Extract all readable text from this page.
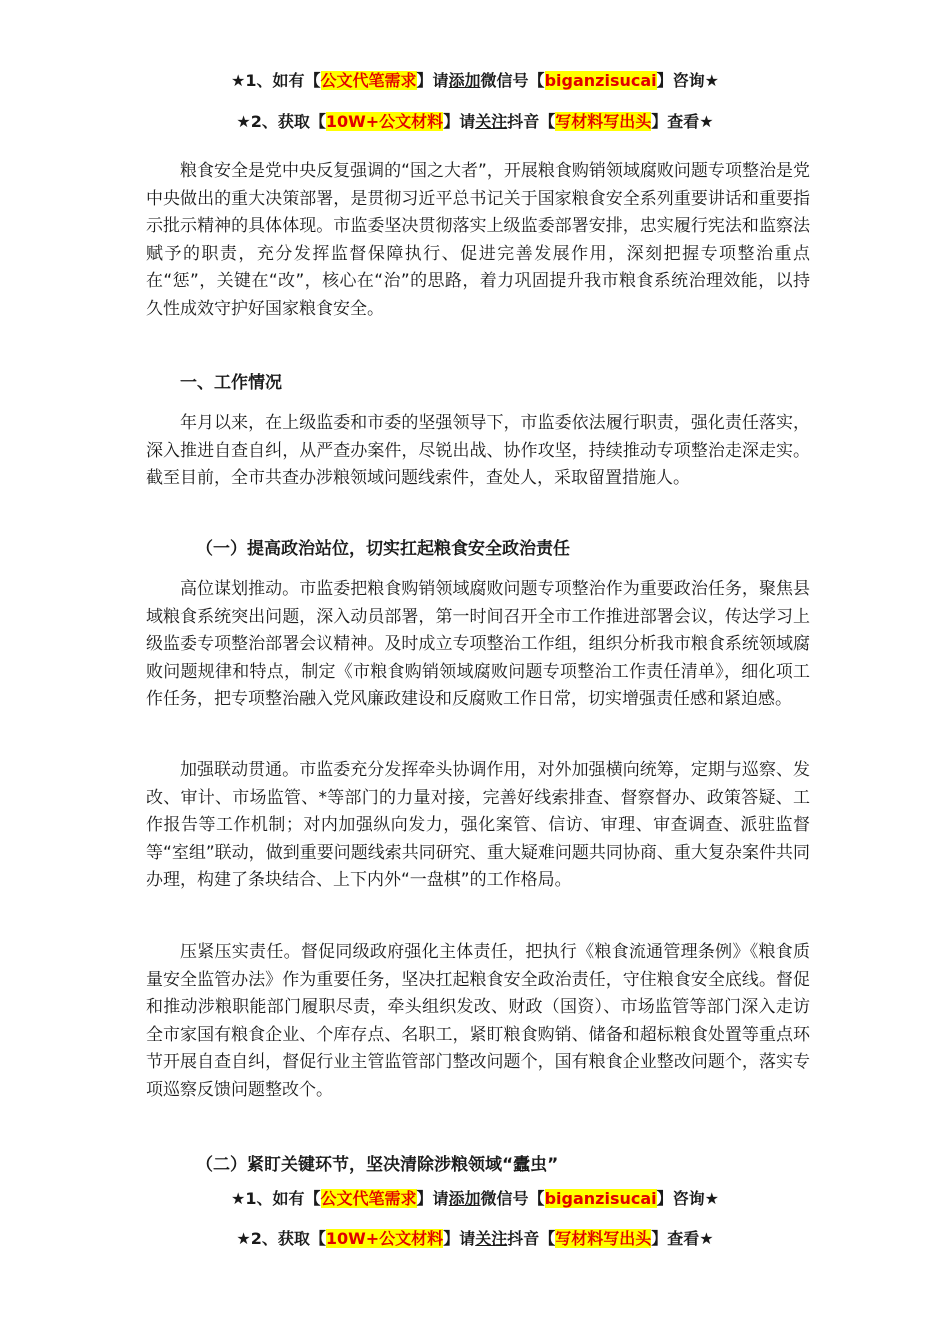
★1、如有【公文代笔需求】请添加微信号【biganzisucai】咨询★
★2、获取【10W+公文材料】请关注抖音【写材料写出头】查看★

粮食安全是党中央反复强调的“国之大者”，开展粮食购销领域腐败问题专项整治是党中央做出的重大决策部署，是贯彻习近平总书记关于国家粮食安全系列重要讲话和重要指示批示精神的具体体现。市监委坚决贯彻落实上级监委部署安排，忠实履行宪法和监察法赋予的职责，充分发挥监督保障执行、促进完善发展作用，深刻把握专项整治重点在“惩”，关键在“改”，核心在“治”的思路，着力巩固提升我市粮食系统治理效能，以持久性成效守护好国家粮食安全。

一、工作情况

年月以来，在上级监委和市委的坚强领导下，市监委依法履行职责，强化责任落实，深入推进自查自纠，从严查办案件，尽锐出战、协作攻坚，持续推动专项整治走深走实。截至目前，全市共查办涉粮领域问题线索件，查处人，采取留置措施人。

（一）提高政治站位，切实扛起粮食安全政治责任

高位谋划推动。市监委把粮食购销领域腐败问题专项整治作为重要政治任务，聚焦县域粮食系统突出问题，深入动员部署，第一时间召开全市工作推进部署会议，传达学习上级监委专项整治部署会议精神。及时成立专项整治工作组，组织分析我市粮食系统领域腐败问题规律和特点，制定《市粮食购销领域腐败问题专项整治工作责任清单》，细化项工作任务，把专项整治融入党风廉政建设和反腐败工作日常，切实增强责任感和紧迫感。

加强联动贯通。市监委充分发挥牵头协调作用，对外加强横向统筹，定期与巡察、发改、审计、市场监管、*等部门的力量对接，完善好线索排查、督察督办、政策答疑、工作报告等工作机制；对内加强纵向发力，强化案管、信访、审理、审查调查、派驻监督等“室组”联动，做到重要问题线索共同研究、重大疑难问题共同协商、重大复杂案件共同办理，构建了条块结合、上下内外“一盘棋”的工作格局。

压紧压实责任。督促同级政府强化主体责任，把执行《粮食流通管理条例》《粮食质量安全监管办法》作为重要任务，坚决扛起粮食安全政治责任，守住粮食安全底线。督促和推动涉粮职能部门履职尽责，牵头组织发改、财政（国资）、市场监管等部门深入走访全市家国有粮食企业、个库存点、名职工，紧盯粮食购销、储备和超标粮食处置等重点环节开展自查自纠，督促行业主管监管部门整改问题个，国有粮食企业整改问题个，落实专项巡察反馈问题整改个。

（二）紧盯关键环节，坚决清除涉粮领域“蠹虫”
★1、如有【公文代笔需求】请添加微信号【biganzisucai】咨询★
★2、获取【10W+公文材料】请关注抖音【写材料写出头】查看★
